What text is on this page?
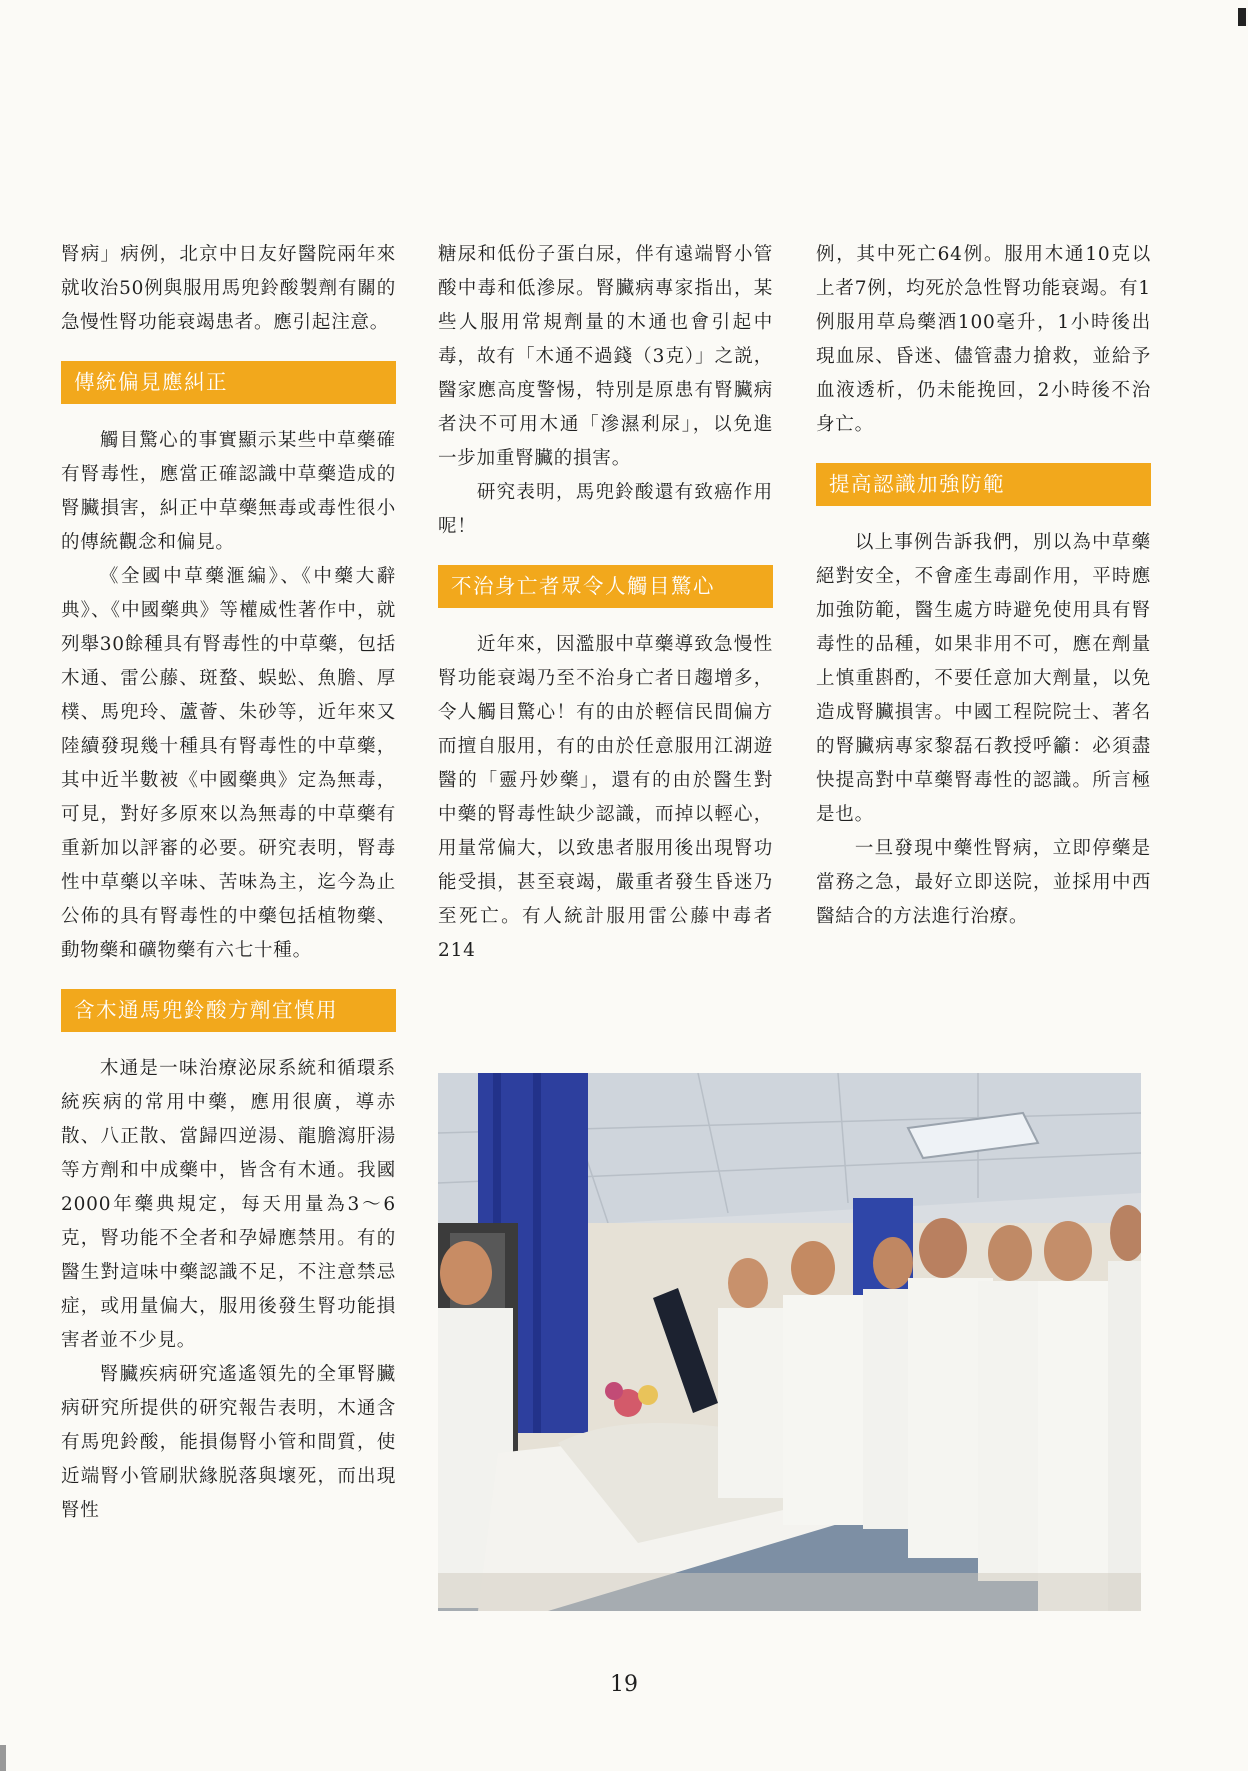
腎病」病例，北京中日友好醫院兩年來就收治50例與服用馬兜鈴酸製劑有關的急慢性腎功能衰竭患者。應引起注意。

傳統偏見應糾正

觸目驚心的事實顯示某些中草藥確有腎毒性，應當正確認識中草藥造成的腎臟損害，糾正中草藥無毒或毒性很小的傳統觀念和偏見。

《全國中草藥滙編》、《中藥大辭典》、《中國藥典》等權威性著作中，就列舉30餘種具有腎毒性的中草藥，包括木通、雷公藤、斑蝥、蜈蚣、魚膽、厚樸、馬兜玲、蘆薈、朱砂等，近年來又陸續發現幾十種具有腎毒性的中草藥，其中近半數被《中國藥典》定為無毒，可見，對好多原來以為無毒的中草藥有重新加以評審的必要。研究表明，腎毒性中草藥以辛味、苦味為主，迄今為止公佈的具有腎毒性的中藥包括植物藥、動物藥和礦物藥有六七十種。

含木通馬兜鈴酸方劑宜慎用

木通是一味治療泌尿系統和循環系統疾病的常用中藥，應用很廣，導赤散、八正散、當歸四逆湯、龍膽瀉肝湯等方劑和中成藥中，皆含有木通。我國2000年藥典規定，每天用量為3～6克，腎功能不全者和孕婦應禁用。有的醫生對這味中藥認識不足，不注意禁忌症，或用量偏大，服用後發生腎功能損害者並不少見。

腎臟疾病研究遙遙領先的全軍腎臟病研究所提供的研究報告表明，木通含有馬兜鈴酸，能損傷腎小管和間質，使近端腎小管刷狀緣脱落與壞死，而出現腎性

糖尿和低份子蛋白尿，伴有遠端腎小管酸中毒和低滲尿。腎臟病專家指出，某些人服用常規劑量的木通也會引起中毒，故有「木通不過錢（3克）」之説，醫家應高度警惕，特別是原患有腎臟病者決不可用木通「滲濕利尿」，以免進一步加重腎臟的損害。

研究表明，馬兜鈴酸還有致癌作用呢！

不治身亡者眾令人觸目驚心

近年來，因濫服中草藥導致急慢性腎功能衰竭乃至不治身亡者日趨增多，令人觸目驚心！有的由於輕信民間偏方而擅自服用，有的由於任意服用江湖遊醫的「靈丹妙藥」，還有的由於醫生對中藥的腎毒性缺少認識，而掉以輕心，用量常偏大，以致患者服用後出現腎功能受損，甚至衰竭，嚴重者發生昏迷乃至死亡。有人統計服用雷公藤中毒者214

例，其中死亡64例。服用木通10克以上者7例，均死於急性腎功能衰竭。有1例服用草烏藥酒100毫升，1小時後出現血尿、昏迷、儘管盡力搶救，並給予血液透析，仍未能挽回，2小時後不治身亡。

提高認識加強防範

以上事例告訴我們，別以為中草藥絕對安全，不會產生毒副作用，平時應加強防範，醫生處方時避免使用具有腎毒性的品種，如果非用不可，應在劑量上慎重斟酌，不要任意加大劑量，以免造成腎臟損害。中國工程院院士、著名的腎臟病專家黎磊石教授呼籲：必須盡快提高對中草藥腎毒性的認識。所言極是也。

一旦發現中藥性腎病，立即停藥是當務之急，最好立即送院，並採用中西醫結合的方法進行治療。

19
